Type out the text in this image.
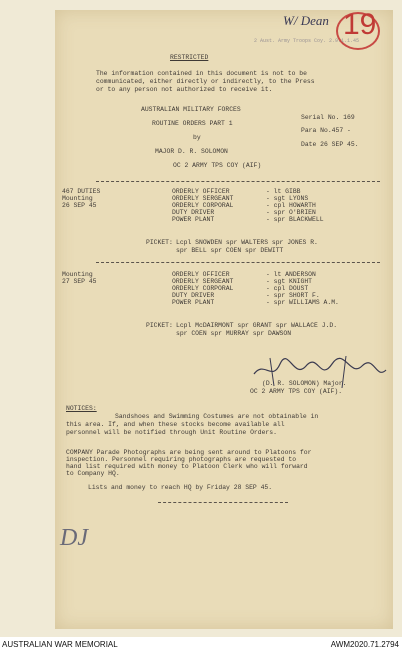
W/ Dean 19
2 Aust. Army Troops Coy. 2.9.1.1.45
RESTRICTED
The information contained in this document is not to be
communicated, either directly or indirectly, to the Press
or to any person not authorized to receive it.
AUSTRALIAN MILITARY FORCES
Serial No. 169
ROUTINE ORDERS PART 1
Para No.457 -
by
MAJOR D. R. SOLOMON
Date 26 SEP 45.
OC 2 ARMY TPS COY (AIF)
467 DUTIES
Mounting
26 SEP 45
ORDERLY OFFICER	- lt GIBB
ORDERLY SERGEANT	- sgt LYONS
ORDERLY CORPORAL	- cpl HOWARTH
DUTY DRIVER	- spr O'BRIEN
POWER PLANT	- spr BLACKWELL
PICKET: Lcpl SNOWDEN spr WALTERS spr JONES R.
spr BELL spr COEN spr DEWITT
Mounting
27 SEP 45
ORDERLY OFFICER	- lt ANDERSON
ORDERLY SERGEANT	- sgt KNIGHT
ORDERLY CORPORAL	- cpl DOUST
DUTY DRIVER	- spr SHORT F.
POWER PLANT	- spr WILLIAMS A.M.
PICKET: Lcpl McDAIRMONT spr GRANT spr WALLACE J.D.
spr COEN spr MURRAY spr DAWSON
(D. R. SOLOMON) Major.
OC 2 ARMY TPS COY (AIF).
NOTICES:
Sandshoes and Swimming Costumes are not obtainable in
this area. If, and when these stocks become available all
personnel will be notified through Unit Routine Orders.
COMPANY Parade Photographs are being sent around to Platoons for
inspection. Personnel requiring photographs are requested to
hand list required with money to Platoon Clerk who will forward
to Company HQ.
Lists and money to reach HQ by Friday 28 SEP 45.
DJ
AUSTRALIAN WAR MEMORIAL	AWM2020.71.2794
